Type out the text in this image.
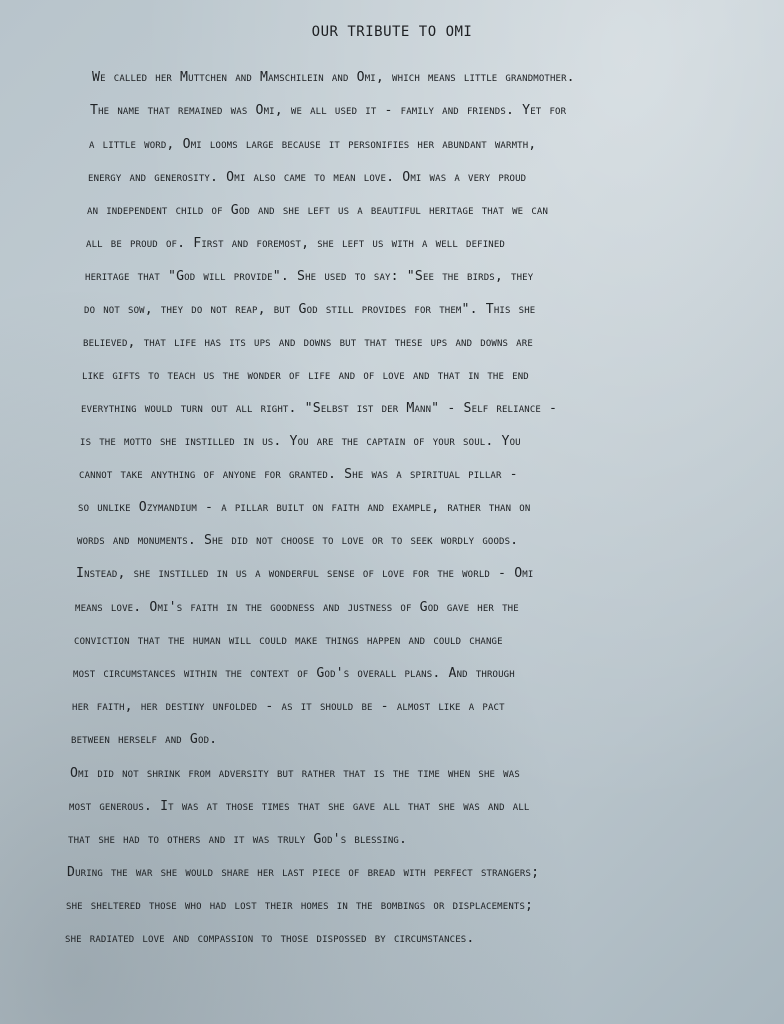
OUR TRIBUTE TO OMI
We called her Muttchen and Mamschilein and Omi, which means little grandmother.
The name that remained was Omi, we all used it - family and friends. Yet for
a little word, Omi looms large because it personifies her abundant warmth,
energy and generosity. Omi also came to mean love. Omi was a very proud
an independent child of God and she left us a beautiful heritage that we can
all be proud of. First and foremost, she left us with a well defined
heritage that "God will provide". She used to say: "See the birds, they
do not sow, they do not reap, but God still provides for them". This she
believed, that life has its ups and downs but that these ups and downs are
like gifts to teach us the wonder of life and of love and that in the end
everything would turn out all right. "Selbst ist der Mann" - Self reliance -
is the motto she instilled in us. You are the captain of your soul. You
cannot take anything of anyone for granted. She was a spiritual pillar -
so unlike Ozymandium - a pillar built on faith and example, rather than on
words and monuments. She did not choose to love or to seek wordly goods.
Instead, she instilled in us a wonderful sense of love for the world - Omi
means love. Omi's faith in the goodness and justness of God gave her the
conviction that the human will could make things happen and could change
most circumstances within the context of God's overall plans. And through
her faith, her destiny unfolded - as it should be - almost like a pact
between herself and God.
Omi did not shrink from adversity but rather that is the time when she was
most generous. It was at those times that she gave all that she was and all
that she had to others and it was truly God's blessing.
During the war she would share her last piece of bread with perfect strangers;
she sheltered those who had lost their homes in the bombings or displacements;
she radiated love and compassion to those dispossed by circumstances.
